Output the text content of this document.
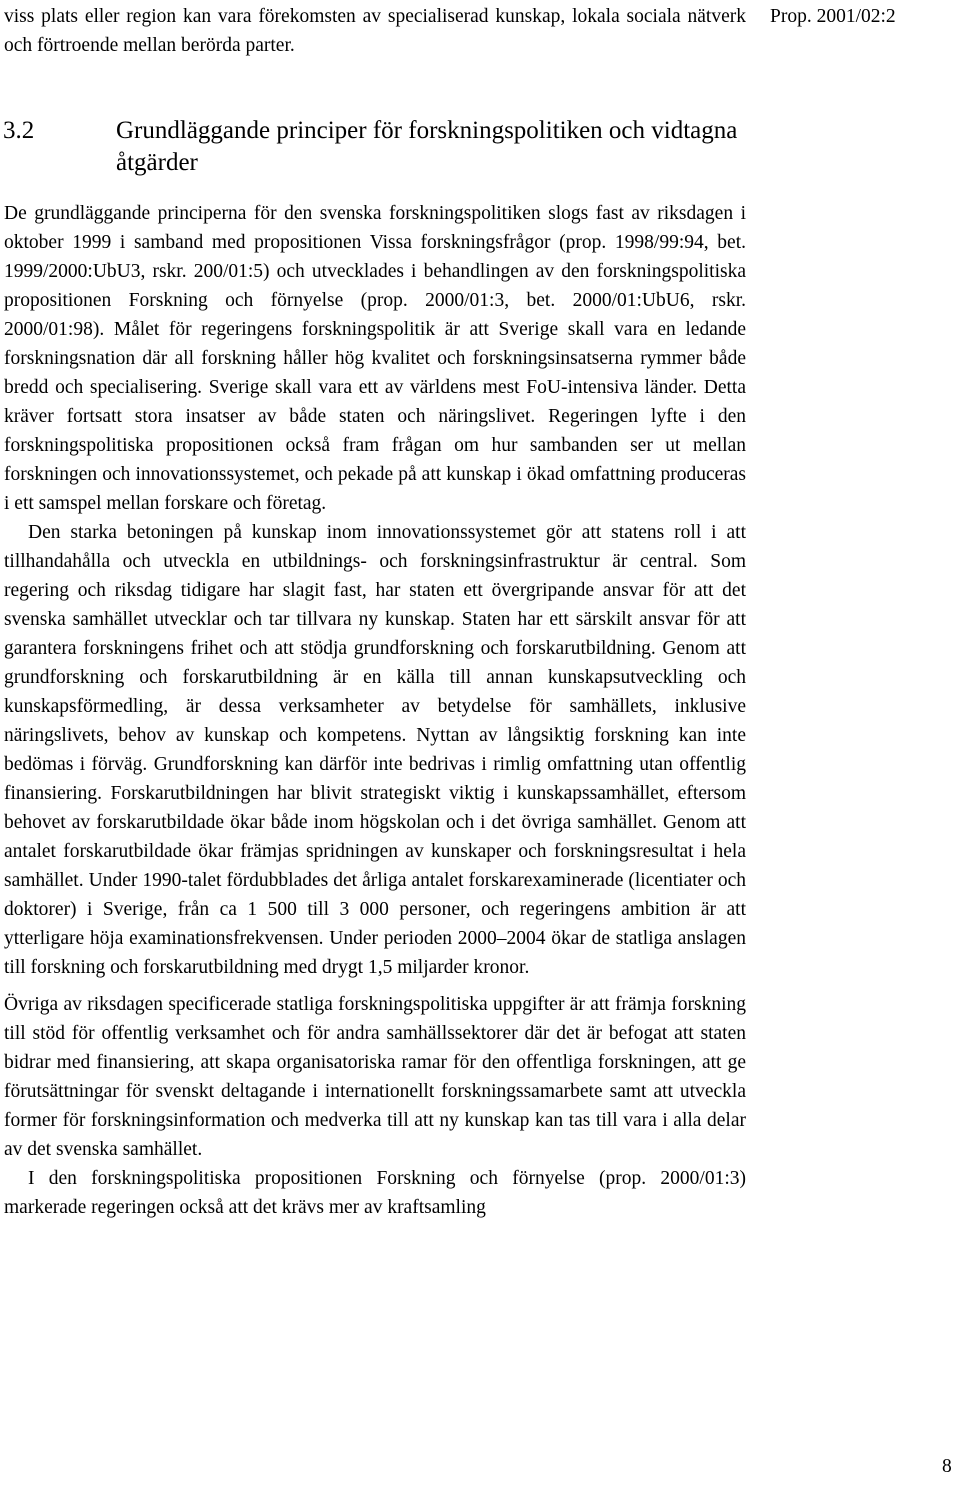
viss plats eller region kan vara förekomsten av specialiserad kunskap, lokala sociala nätverk och förtroende mellan berörda parter.

Prop. 2001/02:2
3.2	Grundläggande principer för forskningspolitiken och vidtagna åtgärder

De grundläggande principerna för den svenska forskningspolitiken slogs fast av riksdagen i oktober 1999 i samband med propositionen Vissa forskningsfrågor (prop. 1998/99:94, bet. 1999/2000:UbU3, rskr. 200/01:5) och utvecklades i behandlingen av den forskningspolitiska propositionen Forskning och förnyelse (prop. 2000/01:3, bet. 2000/01:UbU6, rskr. 2000/01:98). Målet för regeringens forskningspolitik är att Sverige skall vara en ledande forskningsnation där all forskning håller hög kvalitet och forskningsinsatserna rymmer både bredd och specialisering. Sverige skall vara ett av världens mest FoU-intensiva länder. Detta kräver fortsatt stora insatser av både staten och näringslivet. Regeringen lyfte i den forskningspolitiska propositionen också fram frågan om hur sambanden ser ut mellan forskningen och innovationssystemet, och pekade på att kunskap i ökad omfattning produceras i ett samspel mellan forskare och företag.

Den starka betoningen på kunskap inom innovationssystemet gör att statens roll i att tillhandahålla och utveckla en utbildnings- och forskningsinfrastruktur är central. Som regering och riksdag tidigare har slagit fast, har staten ett övergripande ansvar för att det svenska samhället utvecklar och tar tillvara ny kunskap. Staten har ett särskilt ansvar för att garantera forskningens frihet och att stödja grundforskning och forskarutbildning. Genom att grundforskning och forskarutbildning är en källa till annan kunskapsutveckling och kunskapsförmedling, är dessa verksamheter av betydelse för samhällets, inklusive näringslivets, behov av kunskap och kompetens. Nyttan av långsiktig forskning kan inte bedömas i förväg. Grundforskning kan därför inte bedrivas i rimlig omfattning utan offentlig finansiering. Forskarutbildningen har blivit strategiskt viktig i kunskapssamhället, eftersom behovet av forskarutbildade ökar både inom högskolan och i det övriga samhället. Genom att antalet forskarutbildade ökar främjas spridningen av kunskaper och forskningsresultat i hela samhället. Under 1990-talet fördubblades det årliga antalet forskarexaminerade (licentiater och doktorer) i Sverige, från ca 1 500 till 3 000 personer, och regeringens ambition är att ytterligare höja examinationsfrekvensen. Under perioden 2000–2004 ökar de statliga anslagen till forskning och forskarutbildning med drygt 1,5 miljarder kronor.

Övriga av riksdagen specificerade statliga forskningspolitiska uppgifter är att främja forskning till stöd för offentlig verksamhet och för andra samhällssektorer där det är befogat att staten bidrar med finansiering, att skapa organisatoriska ramar för den offentliga forskningen, att ge förutsättningar för svenskt deltagande i internationellt forskningssamarbete samt att utveckla former för forskningsinformation och medverka till att ny kunskap kan tas till vara i alla delar av det svenska samhället.

I den forskningspolitiska propositionen Forskning och förnyelse (prop. 2000/01:3) markerade regeringen också att det krävs mer av kraftsamling

8
